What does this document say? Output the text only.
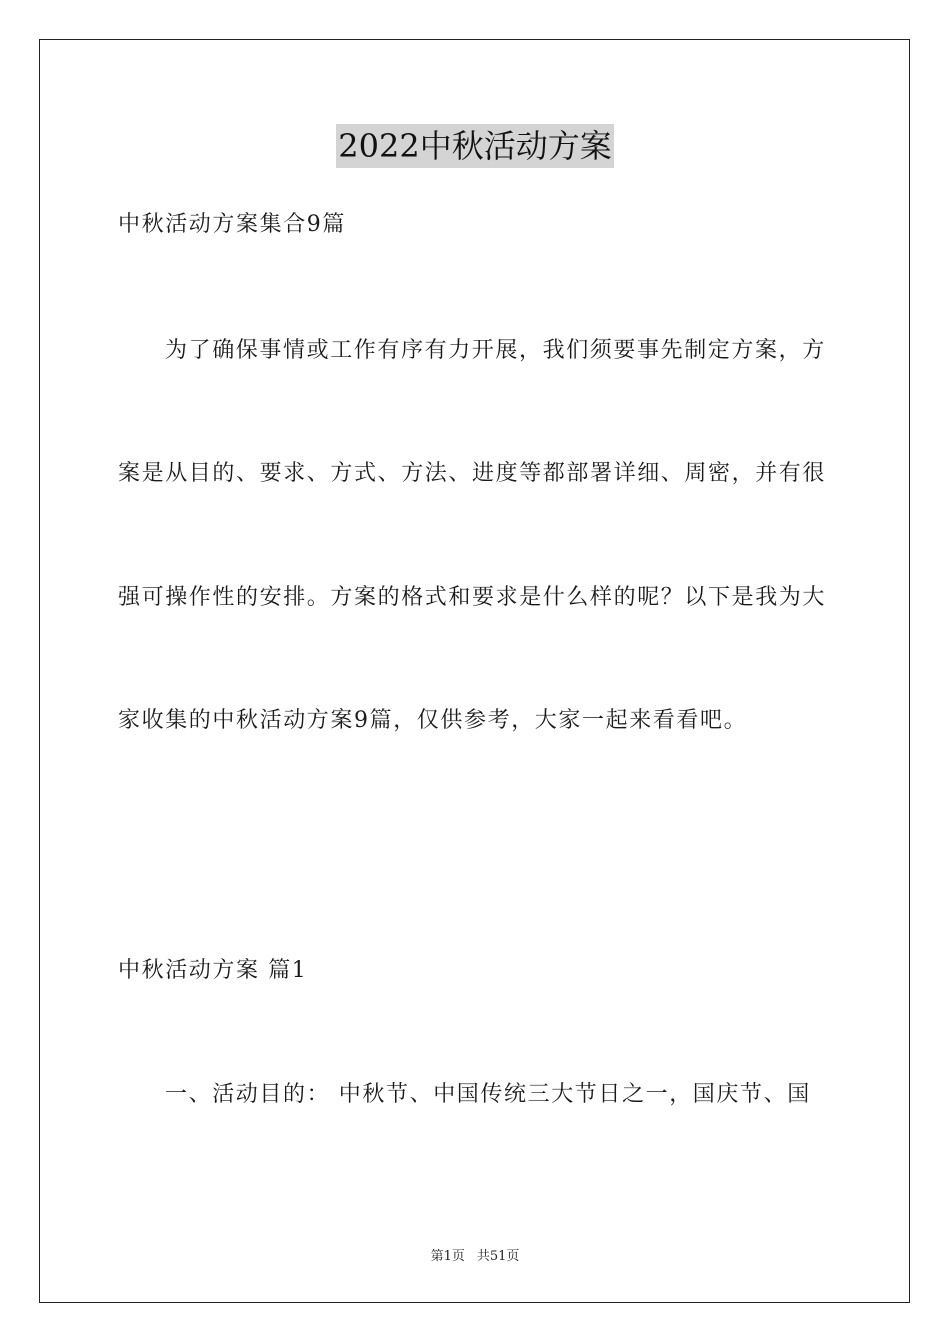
2022中秋活动方案
中秋活动方案集合9篇
为了确保事情或工作有序有力开展，我们须要事先制定方案，方
案是从目的、要求、方式、方法、进度等都部署详细、周密，并有很
强可操作性的安排。方案的格式和要求是什么样的呢？以下是我为大
家收集的中秋活动方案9篇，仅供参考，大家一起来看看吧。
中秋活动方案 篇1
一、活动目的： 中秋节、中国传统三大节日之一，国庆节、国
第1页 共51页
